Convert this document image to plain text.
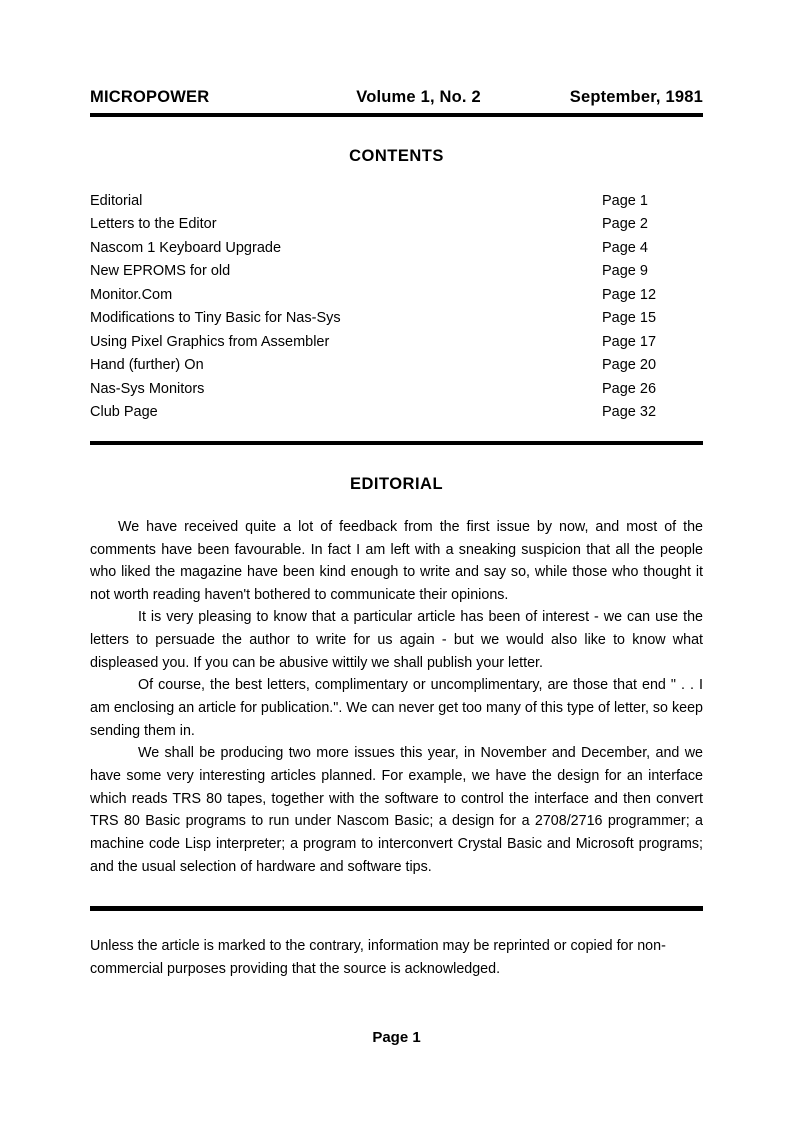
MICROPOWER	Volume 1, No. 2	September, 1981
CONTENTS
Editorial	Page 1
Letters to the Editor	Page 2
Nascom 1 Keyboard Upgrade	Page 4
New EPROMS for old	Page 9
Monitor.Com	Page 12
Modifications to Tiny Basic for Nas-Sys	Page 15
Using Pixel Graphics from Assembler	Page 17
Hand (further) On	Page 20
Nas-Sys Monitors	Page 26
Club Page	Page 32
EDITORIAL

We have received quite a lot of feedback from the first issue by now, and most of the comments have been favourable. In fact I am left with a sneaking suspicion that all the people who liked the magazine have been kind enough to write and say so, while those who thought it not worth reading haven't bothered to communicate their opinions.

It is very pleasing to know that a particular article has been of interest - we can use the letters to persuade the author to write for us again - but we would also like to know what displeased you. If you can be abusive wittily we shall publish your letter.

Of course, the best letters, complimentary or uncomplimentary, are those that end " . . I am enclosing an article for publication.". We can never get too many of this type of letter, so keep sending them in.

We shall be producing two more issues this year, in November and December, and we have some very interesting articles planned. For example, we have the design for an interface which reads TRS 80 tapes, together with the software to control the interface and then convert TRS 80 Basic programs to run under Nascom Basic; a design for a 2708/2716 programmer; a machine code Lisp interpreter; a program to interconvert Crystal Basic and Microsoft programs; and the usual selection of hardware and software tips.

Unless the article is marked to the contrary, information may be reprinted or copied for non-commercial purposes providing that the source is acknowledged.
Page 1
